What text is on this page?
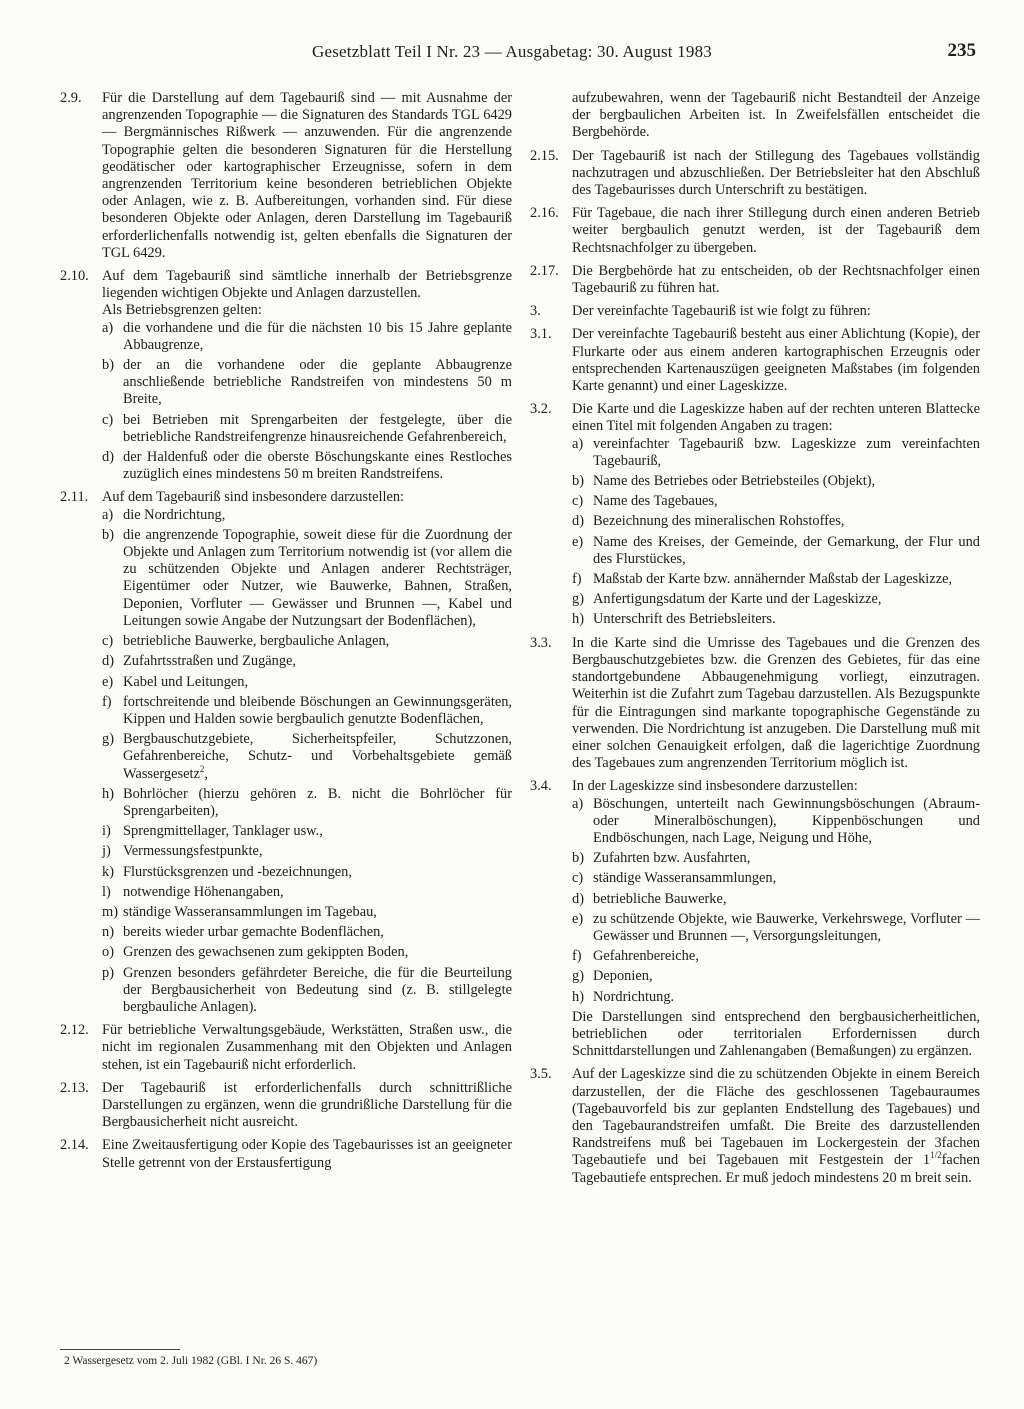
Gesetzblatt Teil I Nr. 23 — Ausgabetag: 30. August 1983	235
2.9. Für die Darstellung auf dem Tagebauriß sind — mit Ausnahme der angrenzenden Topographie — die Signaturen des Standards TGL 6429 — Bergmännisches Rißwerk — anzuwenden. Für die angrenzende Topographie gelten die besonderen Signaturen für die Herstellung geodätischer oder kartographischer Erzeugnisse, sofern in dem angrenzenden Territorium keine besonderen betrieblichen Objekte oder Anlagen, wie z. B. Aufbereitungen, vorhanden sind. Für diese besonderen Objekte oder Anlagen, deren Darstellung im Tagebauriß erforderlichenfalls notwendig ist, gelten ebenfalls die Signaturen der TGL 6429.

2.10. Auf dem Tagebauriß sind sämtliche innerhalb der Betriebsgrenze liegenden wichtigen Objekte und Anlagen darzustellen.

Als Betriebsgrenzen gelten:

a) die vorhandene und die für die nächsten 10 bis 15 Jahre geplante Abbaugrenze,
b) der an die vorhandene oder die geplante Abbaugrenze anschließende betriebliche Randstreifen von mindestens 50 m Breite,
c) bei Betrieben mit Sprengarbeiten der festgelegte, über die betriebliche Randstreifengrenze hinausreichende Gefahrenbereich,
d) der Haldenfuß oder die oberste Böschungskante eines Restloches zuzüglich eines mindestens 50 m breiten Randstreifens.
2.11. Auf dem Tagebauriß sind insbesondere darzustellen:

a) die Nordrichtung,
b) die angrenzende Topographie, soweit diese für die Zuordnung der Objekte und Anlagen zum Territorium notwendig ist (vor allem die zu schützenden Objekte und Anlagen anderer Rechtsträger, Eigentümer oder Nutzer, wie Bauwerke, Bahnen, Straßen, Deponien, Vorfluter — Gewässer und Brunnen —, Kabel und Leitungen sowie Angabe der Nutzungsart der Bodenflächen),
c) betriebliche Bauwerke, bergbauliche Anlagen,
d) Zufahrtsstraßen und Zugänge,
e) Kabel und Leitungen,
f) fortschreitende und bleibende Böschungen an Gewinnungsgeräten, Kippen und Halden sowie bergbaulich genutzte Bodenflächen,
g) Bergbauschutzgebiete, Sicherheitspfeiler, Schutzzonen, Gefahrenbereiche, Schutz- und Vorbehaltsgebiete gemäß Wassergesetz$^2$,
h) Bohrlöcher (hierzu gehören z. B. nicht die Bohrlöcher für Sprengarbeiten),
i) Sprengmittellager, Tanklager usw.,
j) Vermessungsfestpunkte,
k) Flurstücksgrenzen und -bezeichnungen,
l) notwendige Höhenangaben,
m) ständige Wasseransammlungen im Tagebau,
n) bereits wieder urbar gemachte Bodenflächen,
o) Grenzen des gewachsenen zum gekippten Boden,
p) Grenzen besonders gefährdeter Bereiche, die für die Beurteilung der Bergbausicherheit von Bedeutung sind (z. B. stillgelegte bergbauliche Anlagen).
2.12. Für betriebliche Verwaltungsgebäude, Werkstätten, Straßen usw., die nicht im regionalen Zusammenhang mit den Objekten und Anlagen stehen, ist ein Tagebauriß nicht erforderlich.

2.13. Der Tagebauriß ist erforderlichenfalls durch schnittrißliche Darstellungen zu ergänzen, wenn die grundrißliche Darstellung für die Bergbausicherheit nicht ausreicht.

2.14. Eine Zweitausfertigung oder Kopie des Tagebaurisses ist an geeigneter Stelle getrennt von der Erstausfertigung

aufzubewahren, wenn der Tagebauriß nicht Bestandteil der Anzeige der bergbaulichen Arbeiten ist. In Zweifelsfällen entscheidet die Bergbehörde.

2.15. Der Tagebauriß ist nach der Stillegung des Tagebaues vollständig nachzutragen und abzuschließen. Der Betriebsleiter hat den Abschluß des Tagebaurisses durch Unterschrift zu bestätigen.

2.16. Für Tagebaue, die nach ihrer Stillegung durch einen anderen Betrieb weiter bergbaulich genutzt werden, ist der Tagebauriß dem Rechtsnachfolger zu übergeben.

2.17. Die Bergbehörde hat zu entscheiden, ob der Rechtsnachfolger einen Tagebauriß zu führen hat.

3. Der vereinfachte Tagebauriß ist wie folgt zu führen:

3.1. Der vereinfachte Tagebauriß besteht aus einer Ablichtung (Kopie), der Flurkarte oder aus einem anderen kartographischen Erzeugnis oder entsprechenden Kartenauszügen geeigneten Maßstabes (im folgenden Karte genannt) und einer Lageskizze.

3.2. Die Karte und die Lageskizze haben auf der rechten unteren Blattecke einen Titel mit folgenden Angaben zu tragen:

a) vereinfachter Tagebauriß bzw. Lageskizze zum vereinfachten Tagebauriß,
b) Name des Betriebes oder Betriebsteiles (Objekt),
c) Name des Tagebaues,
d) Bezeichnung des mineralischen Rohstoffes,
e) Name des Kreises, der Gemeinde, der Gemarkung, der Flur und des Flurstückes,
f) Maßstab der Karte bzw. annähernder Maßstab der Lageskizze,
g) Anfertigungsdatum der Karte und der Lageskizze,
h) Unterschrift des Betriebsleiters.
3.3. In die Karte sind die Umrisse des Tagebaues und die Grenzen des Bergbauschutzgebietes bzw. die Grenzen des Gebietes, für das eine standortgebundene Abbaugenehmigung vorliegt, einzutragen. Weiterhin ist die Zufahrt zum Tagebau darzustellen. Als Bezugspunkte für die Eintragungen sind markante topographische Gegenstände zu verwenden. Die Nordrichtung ist anzugeben. Die Darstellung muß mit einer solchen Genauigkeit erfolgen, daß die lagerichtige Zuordnung des Tagebaues zum angrenzenden Territorium möglich ist.

3.4. In der Lageskizze sind insbesondere darzustellen:

a) Böschungen, unterteilt nach Gewinnungsböschungen (Abraum- oder Mineralböschungen), Kippenböschungen und Endböschungen, nach Lage, Neigung und Höhe,
b) Zufahrten bzw. Ausfahrten,
c) ständige Wasseransammlungen,
d) betriebliche Bauwerke,
e) zu schützende Objekte, wie Bauwerke, Verkehrswege, Vorfluter — Gewässer und Brunnen —, Versorgungsleitungen,
f) Gefahrenbereiche,
g) Deponien,
h) Nordrichtung.

Die Darstellungen sind entsprechend den bergbausicherheitlichen, betrieblichen oder territorialen Erfordernissen durch Schnittdarstellungen und Zahlenangaben (Bemaßungen) zu ergänzen.

3.5. Auf der Lageskizze sind die zu schützenden Objekte in einem Bereich darzustellen, der die Fläche des geschlossenen Tagebauraumes (Tagebauvorfeld bis zur geplanten Endstellung des Tagebaues) und den Tagebaurandstreifen umfaßt. Die Breite des darzustellenden Randstreifens muß bei Tagebauen im Lockergestein der 3fachen Tagebautiefe und bei Tagebauen mit Festgestein der $1^{1/2}fachen$ Tagebautiefe entsprechen. Er muß jedoch mindestens 20 m breit sein.

2 Wassergesetz vom 2. Juli 1982 (GBl. I Nr. 26 S. 467)
